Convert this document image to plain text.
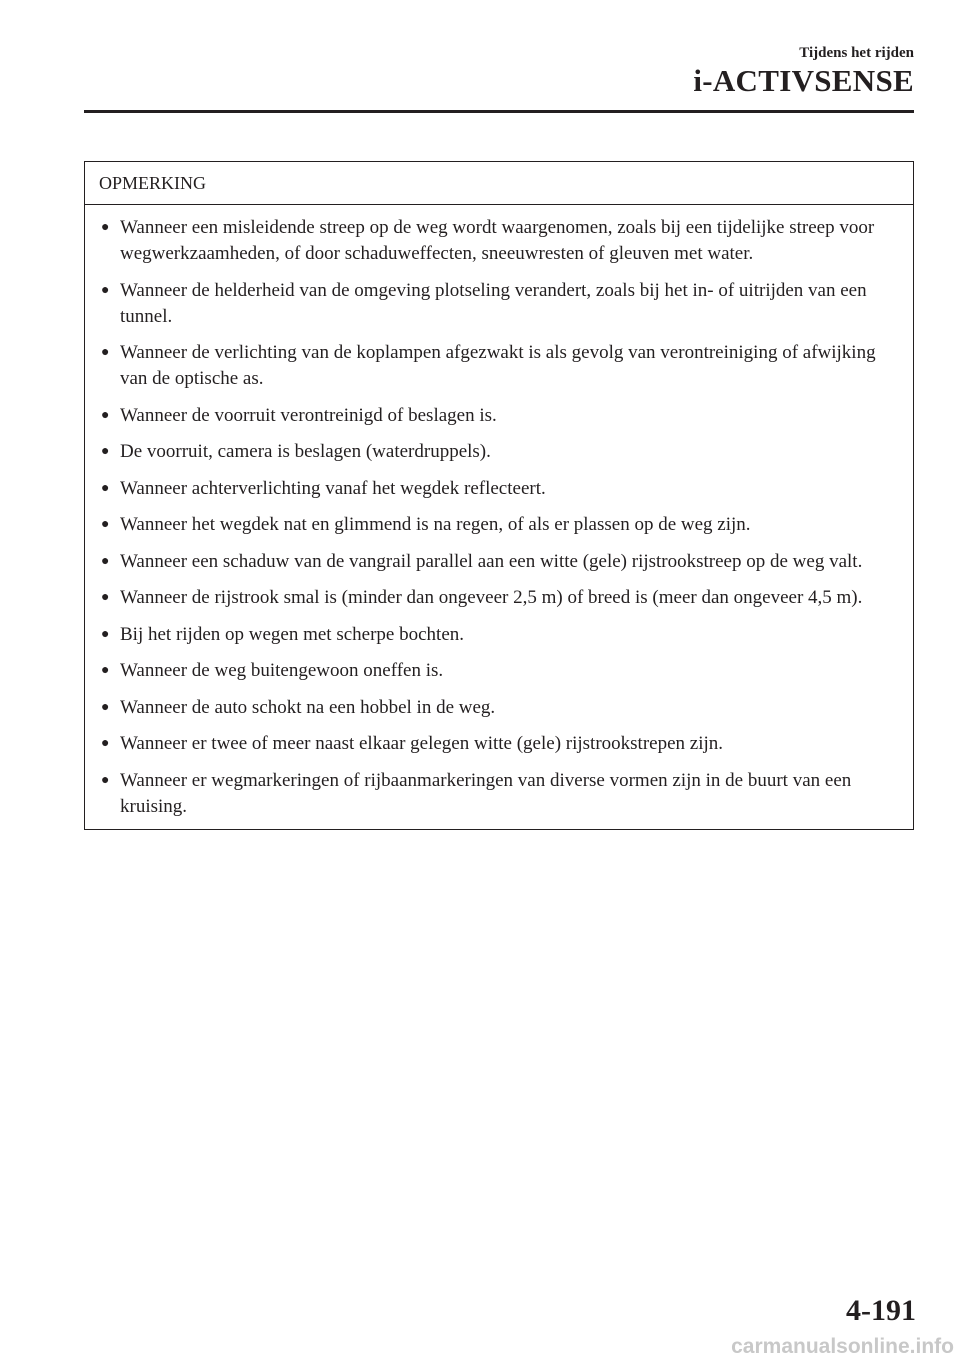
Tijdens het rijden
i-ACTIVSENSE
OPMERKING
● Wanneer een misleidende streep op de weg wordt waargenomen, zoals bij een tijdelijke streep voor wegwerkzaamheden, of door schaduweffecten, sneeuwresten of gleuven met water.
● Wanneer de helderheid van de omgeving plotseling verandert, zoals bij het in- of uitrijden van een tunnel.
● Wanneer de verlichting van de koplampen afgezwakt is als gevolg van verontreiniging of afwijking van de optische as.
● Wanneer de voorruit verontreinigd of beslagen is.
● De voorruit, camera is beslagen (waterdruppels).
● Wanneer achterverlichting vanaf het wegdek reflecteert.
● Wanneer het wegdek nat en glimmend is na regen, of als er plassen op de weg zijn.
● Wanneer een schaduw van de vangrail parallel aan een witte (gele) rijstrookstreep op de weg valt.
● Wanneer de rijstrook smal is (minder dan ongeveer 2,5 m) of breed is (meer dan ongeveer 4,5 m).
● Bij het rijden op wegen met scherpe bochten.
● Wanneer de weg buitengewoon oneffen is.
● Wanneer de auto schokt na een hobbel in de weg.
● Wanneer er twee of meer naast elkaar gelegen witte (gele) rijstrookstrepen zijn.
● Wanneer er wegmarkeringen of rijbaanmarkeringen van diverse vormen zijn in de buurt van een kruising.
4-191
carmanualsonline.info
